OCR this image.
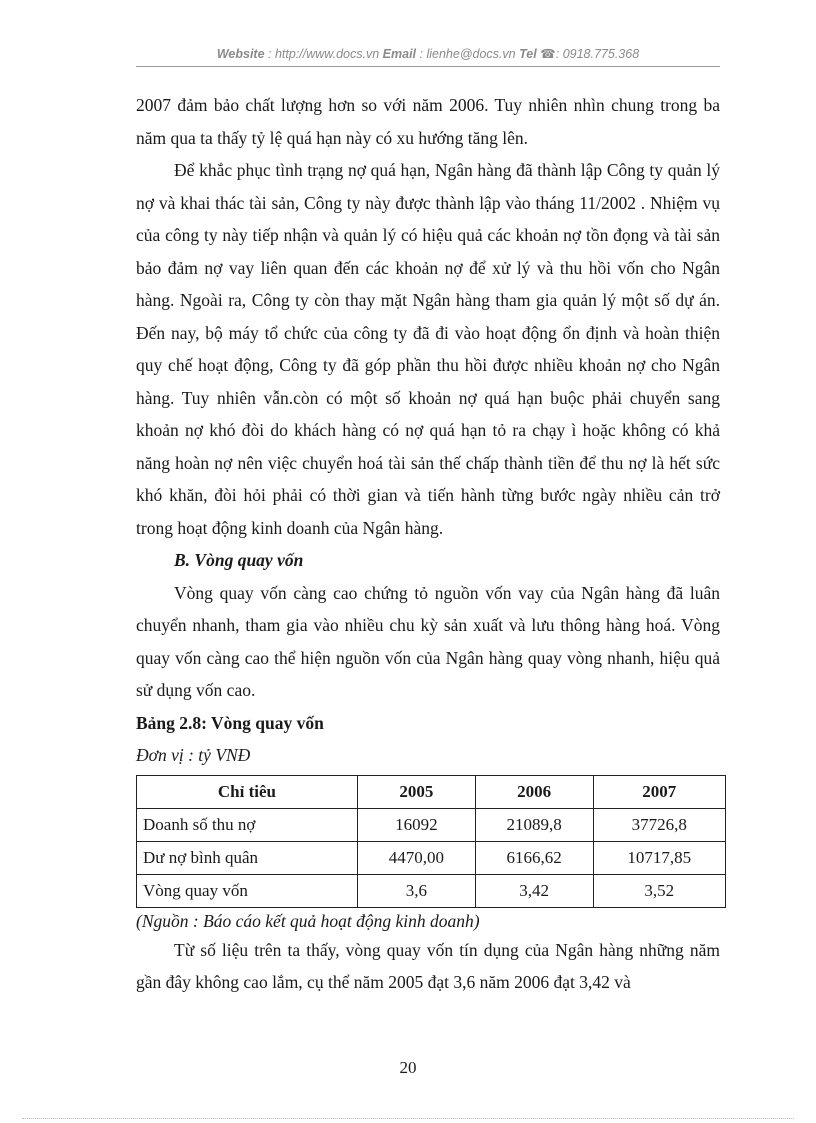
Website : http://www.docs.vn Email : lienhe@docs.vn Tel ☎: 0918.775.368

2007 đảm bảo chất lượng hơn so với năm 2006. Tuy nhiên nhìn chung trong ba năm qua ta thấy tỷ lệ quá hạn này có xu hướng tăng lên.

Để khắc phục tình trạng nợ quá hạn, Ngân hàng đã thành lập Công ty quản lý nợ và khai thác tài sản, Công ty này được thành lập vào tháng 11/2002 . Nhiệm vụ của công ty này tiếp nhận và quản lý có hiệu quả các khoản nợ tồn đọng và tài sản bảo đảm nợ vay liên quan đến các khoản nợ để xử lý và thu hồi vốn cho Ngân hàng. Ngoài ra, Công ty còn thay mặt Ngân hàng tham gia quản lý một số dự án. Đến nay, bộ máy tổ chức của công ty đã đi vào hoạt động ổn định và hoàn thiện quy chế hoạt động, Công ty đã góp phần thu hồi được nhiều khoản nợ cho Ngân hàng. Tuy nhiên vẫn.còn có một số khoản nợ quá hạn buộc phải chuyển sang khoản nợ khó đòi do khách hàng có nợ quá hạn tỏ ra chạy ì hoặc không có khả năng hoàn nợ nên việc chuyển hoá tài sản thế chấp thành tiền để thu nợ là hết sức khó khăn, đòi hỏi phải có thời gian và tiến hành từng bước ngày nhiều cản trở trong hoạt động kinh doanh của Ngân hàng.

B. Vòng quay vốn

Vòng quay vốn càng cao chứng tỏ nguồn vốn vay của Ngân hàng đã luân chuyển nhanh, tham gia vào nhiều chu kỳ sản xuất và lưu thông hàng hoá. Vòng quay vốn càng cao thể hiện nguồn vốn của Ngân hàng quay vòng nhanh, hiệu quả sử dụng vốn cao.

Bảng 2.8: Vòng quay vốn

Đơn vị : tỷ VNĐ

Chỉ tiêu	2005	2006	2007
Doanh số thu nợ	16092	21089,8	37726,8
Dư nợ bình quân	4470,00	6166,62	10717,85
Vòng quay vốn	3,6	3,42	3,52

(Nguồn : Báo cáo kết quả hoạt động kinh doanh)

Từ số liệu trên ta thấy, vòng quay vốn tín dụng của Ngân hàng những năm gần đây không cao lắm, cụ thể năm 2005 đạt 3,6 năm 2006 đạt 3,42 và

20
